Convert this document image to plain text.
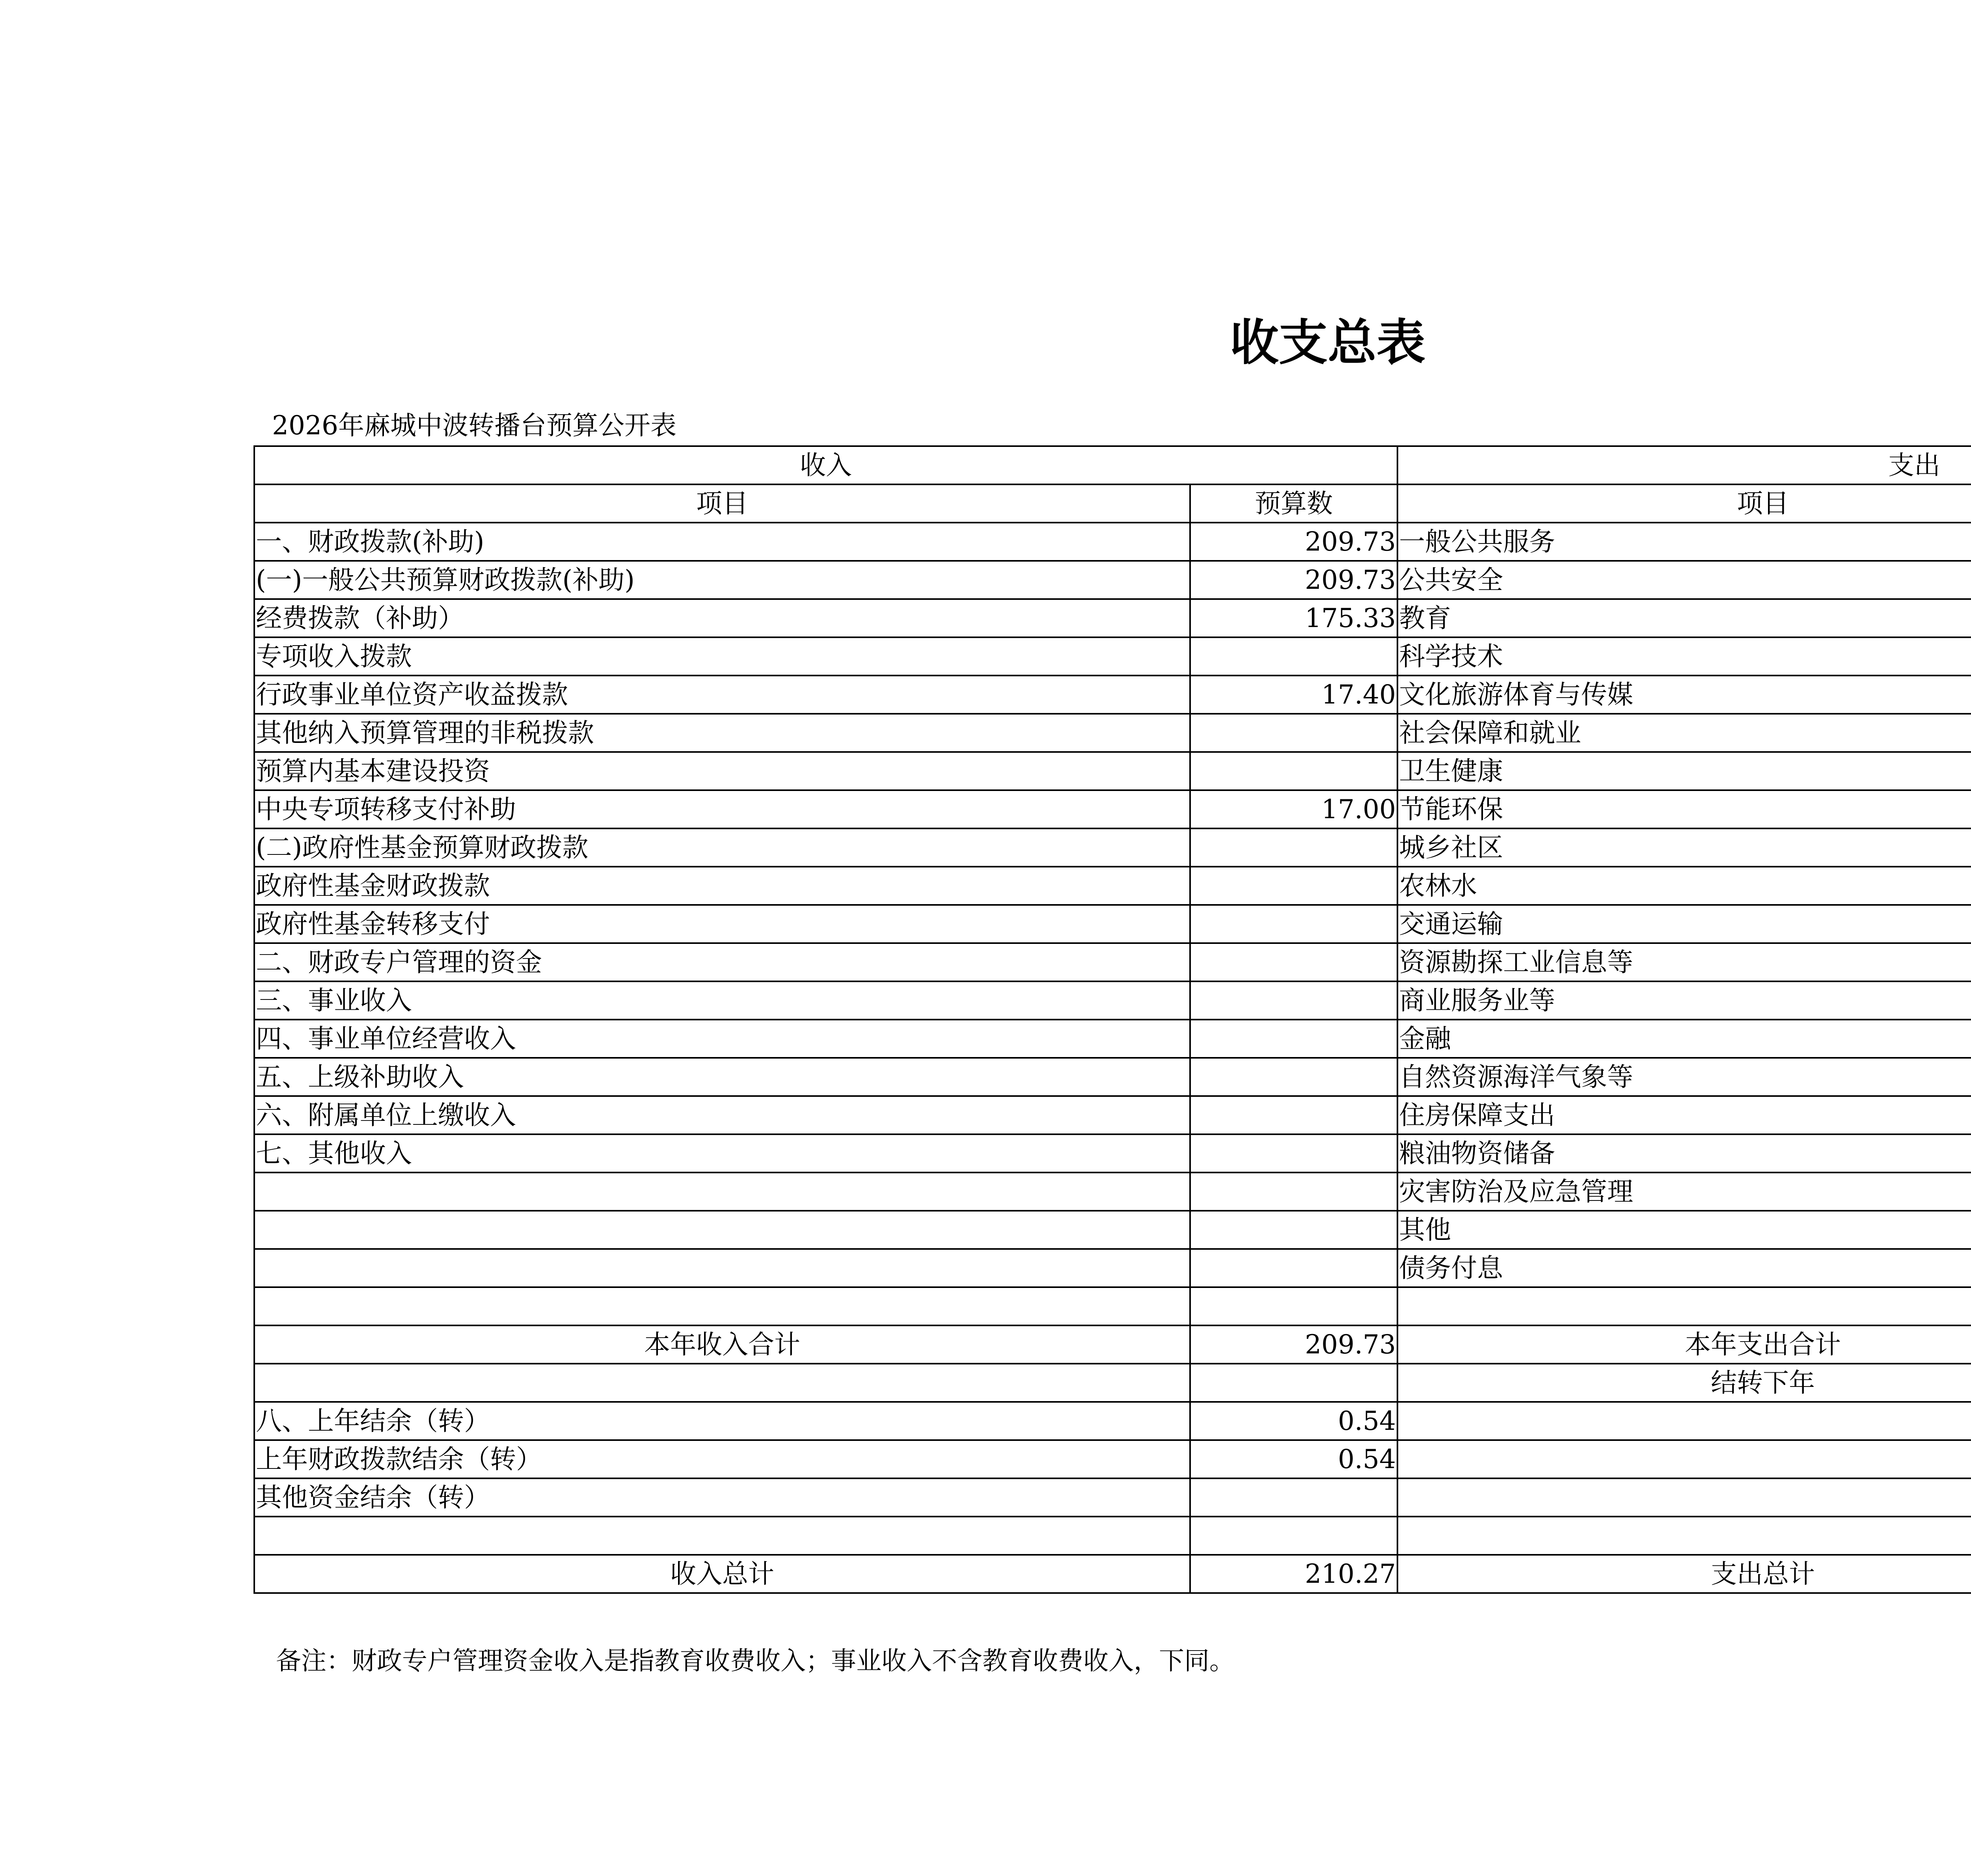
收支总表
2026年麻城中波转播台预算公开表
收入		支出	
项目	预算数	项目	
一、财政拨款(补助)	209.73	一般公共服务	
(一)一般公共预算财政拨款(补助)	209.73	公共安全	
经费拨款（补助）	175.33	教育	
专项收入拨款		科学技术	
行政事业单位资产收益拨款	17.40	文化旅游体育与传媒	
其他纳入预算管理的非税拨款		社会保障和就业	
预算内基本建设投资		卫生健康	
中央专项转移支付补助	17.00	节能环保	
(二)政府性基金预算财政拨款		城乡社区	
政府性基金财政拨款		农林水	
政府性基金转移支付		交通运输	
二、财政专户管理的资金		资源勘探工业信息等	
三、事业收入		商业服务业等	
四、事业单位经营收入		金融	
五、上级补助收入		自然资源海洋气象等	
六、附属单位上缴收入		住房保障支出	
七、其他收入		粮油物资储备	
		灾害防治及应急管理	
		其他	
		债务付息	

本年收入合计	209.73	本年支出合计	
		结转下年	
八、上年结余（转）	0.54		
上年财政拨款结余（转）	0.54		
其他资金结余（转）			

收入总计	210.27	支出总计	
备注：财政专户管理资金收入是指教育收费收入；事业收入不含教育收费收入，下同。
